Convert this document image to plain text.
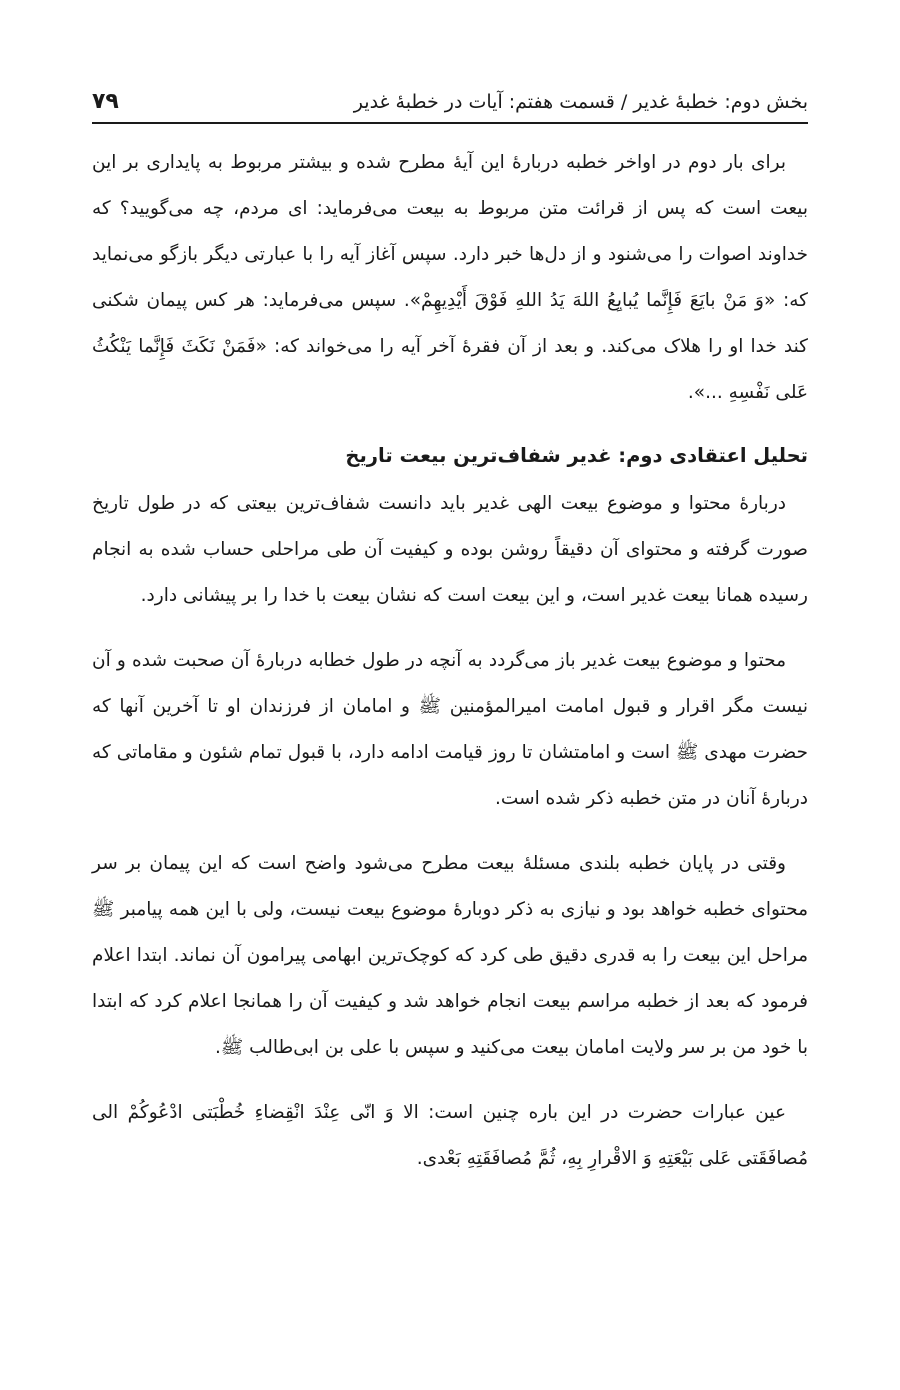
بخش دوم: خطبهٔ غدیر / قسمت هفتم: آیات در خطبهٔ غدیر
۷۹

برای بار دوم در اواخر خطبه دربارهٔ این آیهٔ مطرح شده و بیشتر مربوط به پایداری بر این بیعت است که پس از قرائت متن مربوط به بیعت می‌فرماید: ای مردم، چه می‌گویید؟ که خداوند اصوات را می‌شنود و از دل‌ها خبر دارد. سپس آغاز آیه را با عبارتی دیگر بازگو می‌نماید که: «وَ مَنْ بایَعَ فَإِنَّما یُبایِعُ اللهَ یَدُ اللهِ فَوْقَ أَیْدِیهِمْ». سپس می‌فرماید: هر کس پیمان شکنی کند خدا او را هلاک می‌کند. و بعد از آن فقرهٔ آخر آیه را می‌خواند که: «فَمَنْ نَکَثَ فَإِنَّما یَنْکُثُ عَلی نَفْسِهِ ...».

تحلیل اعتقادی دوم: غدیر شفاف‌ترین بیعت تاریخ

دربارهٔ محتوا و موضوع بیعت الهی غدیر باید دانست شفاف‌ترین بیعتی که در طول تاریخ صورت گرفته و محتوای آن دقیقاً روشن بوده و کیفیت آن طی مراحلی حساب شده به انجام رسیده همانا بیعت غدیر است، و این بیعت است که نشان بیعت با خدا را بر پیشانی دارد.

محتوا و موضوع بیعت غدیر باز می‌گردد به آنچه در طول خطابه دربارهٔ آن صحبت شده و آن نیست مگر اقرار و قبول امامت امیرالمؤمنین ﷺ و امامان از فرزندان او تا آخرین آنها که حضرت مهدی ﷺ است و امامتشان تا روز قیامت ادامه دارد، با قبول تمام شئون و مقاماتی که دربارهٔ آنان در متن خطبه ذکر شده است.

وقتی در پایان خطبه بلندی مسئلهٔ بیعت مطرح می‌شود واضح است که این پیمان بر سر محتوای خطبه خواهد بود و نیازی به ذکر دوبارهٔ موضوع بیعت نیست، ولی با این همه پیامبر ﷺ مراحل این بیعت را به قدری دقیق طی کرد که کوچک‌ترین ابهامی پیرامون آن نماند. ابتدا اعلام فرمود که بعد از خطبه مراسم بیعت انجام خواهد شد و کیفیت آن را همانجا اعلام کرد که ابتدا با خود من بر سر ولایت امامان بیعت می‌کنید و سپس با علی بن ابی‌طالب ﷺ.

عین عبارات حضرت در این باره چنین است: الا وَ انّی عِنْدَ انْقِضاءِ خُطْبَتی ادْعُوکُمْ الی مُصافَقَتی عَلی بَیْعَتِهِ وَ الاقْرارِ بِهِ، ثُمَّ مُصافَقَتِهِ بَعْدی.
